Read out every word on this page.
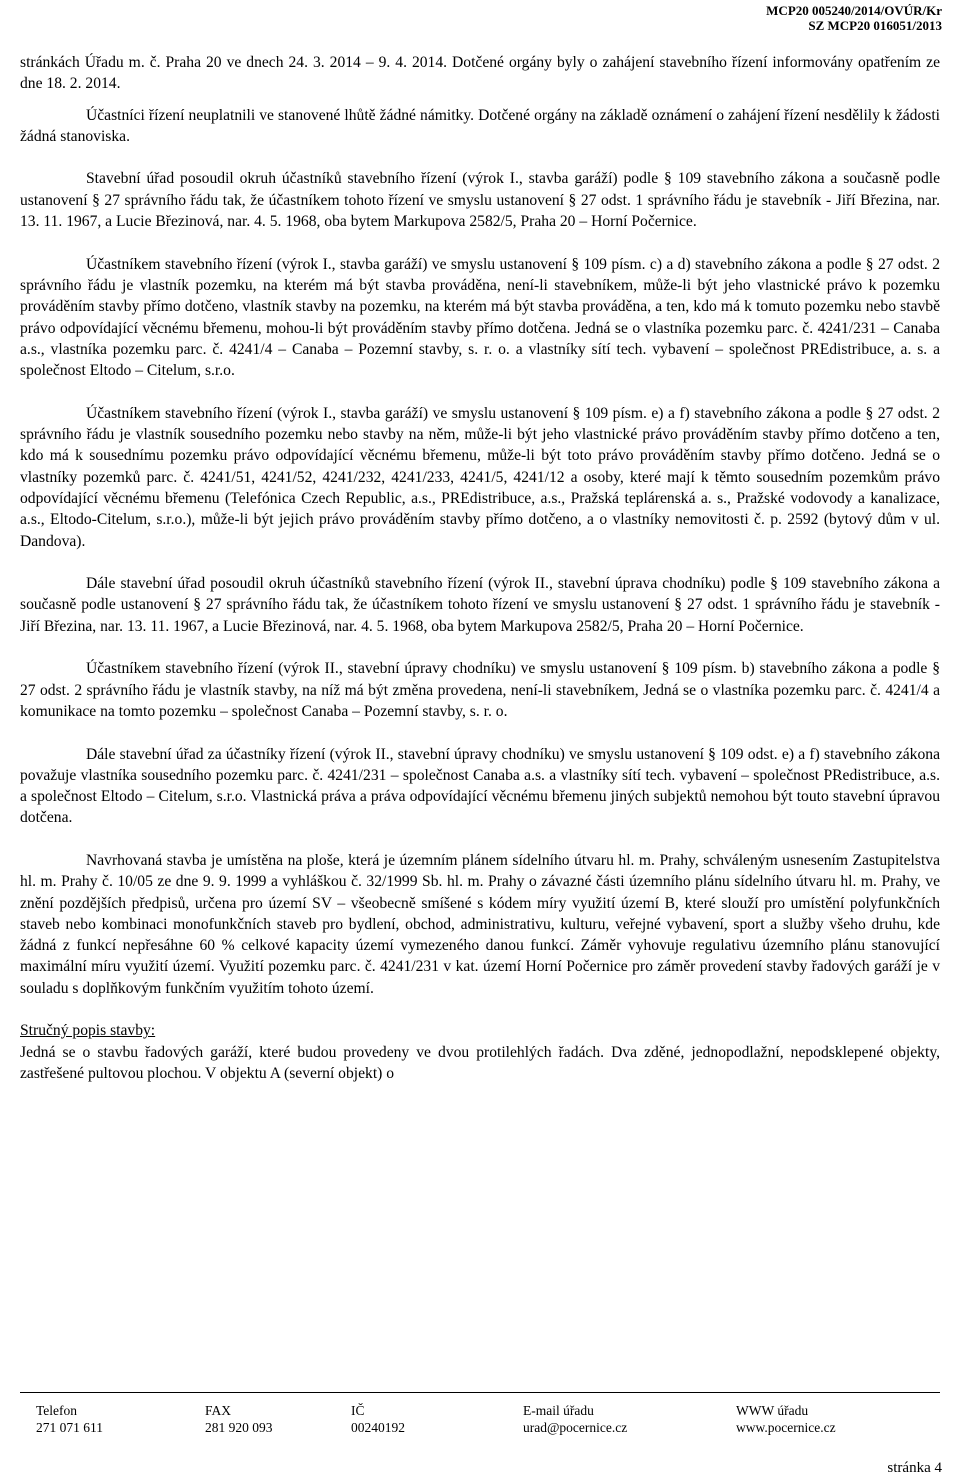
MCP20 005240/2014/OVÚR/Kr
SZ MCP20 016051/2013

stránkách Úřadu m. č. Praha 20 ve dnech 24. 3. 2014 – 9. 4. 2014. Dotčené orgány byly o zahájení stavebního řízení informovány opatřením ze dne 18. 2. 2014.

Účastníci řízení neuplatnili ve stanovené lhůtě žádné námitky. Dotčené orgány na základě oznámení o zahájení řízení nesdělily k žádosti žádná stanoviska.

Stavební úřad posoudil okruh účastníků stavebního řízení (výrok I., stavba garáží) podle § 109 stavebního zákona a současně podle ustanovení § 27 správního řádu tak, že účastníkem tohoto řízení ve smyslu ustanovení § 27 odst. 1 správního řádu je stavebník - Jiří Březina, nar. 13. 11. 1967, a Lucie Březinová, nar. 4. 5. 1968, oba bytem Markupova 2582/5, Praha 20 – Horní Počernice.

Účastníkem stavebního řízení (výrok I., stavba garáží) ve smyslu ustanovení § 109 písm. c) a d) stavebního zákona a podle § 27 odst. 2 správního řádu je vlastník pozemku, na kterém má být stavba prováděna, není-li stavebníkem, může-li být jeho vlastnické právo k pozemku prováděním stavby přímo dotčeno, vlastník stavby na pozemku, na kterém má být stavba prováděna, a ten, kdo má k tomuto pozemku nebo stavbě právo odpovídající věcnému břemenu, mohou-li být prováděním stavby přímo dotčena. Jedná se o vlastníka pozemku parc. č. 4241/231 – Canaba a.s., vlastníka pozemku parc. č. 4241/4 – Canaba – Pozemní stavby, s. r. o. a vlastníky sítí tech. vybavení – společnost PREdistribuce, a. s. a společnost Eltodo – Citelum, s.r.o.

Účastníkem stavebního řízení (výrok I., stavba garáží) ve smyslu ustanovení § 109 písm. e) a f) stavebního zákona a podle § 27 odst. 2 správního řádu je vlastník sousedního pozemku nebo stavby na něm, může-li být jeho vlastnické právo prováděním stavby přímo dotčeno a ten, kdo má k sousednímu pozemku právo odpovídající věcnému břemenu, může-li být toto právo prováděním stavby přímo dotčeno. Jedná se o vlastníky pozemků parc. č. 4241/51, 4241/52, 4241/232, 4241/233, 4241/5, 4241/12 a osoby, které mají k těmto sousedním pozemkům právo odpovídající věcnému břemenu (Telefónica Czech Republic, a.s., PREdistribuce, a.s., Pražská teplárenská a. s., Pražské vodovody a kanalizace, a.s., Eltodo-Citelum, s.r.o.), může-li být jejich právo prováděním stavby přímo dotčeno, a o vlastníky nemovitosti č. p. 2592 (bytový dům v ul. Dandova).

Dále stavební úřad posoudil okruh účastníků stavebního řízení (výrok II., stavební úprava chodníku) podle § 109 stavebního zákona a současně podle ustanovení § 27 správního řádu tak, že účastníkem tohoto řízení ve smyslu ustanovení § 27 odst. 1 správního řádu je stavebník - Jiří Březina, nar. 13. 11. 1967, a Lucie Březinová, nar. 4. 5. 1968, oba bytem Markupova 2582/5, Praha 20 – Horní Počernice.

Účastníkem stavebního řízení (výrok II., stavební úpravy chodníku) ve smyslu ustanovení § 109 písm. b) stavebního zákona a podle § 27 odst. 2 správního řádu je vlastník stavby, na níž má být změna provedena, není-li stavebníkem, Jedná se o vlastníka pozemku parc. č. 4241/4 a komunikace na tomto pozemku – společnost Canaba – Pozemní stavby, s. r. o.

Dále stavební úřad za účastníky řízení (výrok II., stavební úpravy chodníku) ve smyslu ustanovení § 109 odst. e) a f) stavebního zákona považuje vlastníka sousedního pozemku parc. č. 4241/231 – společnost Canaba a.s. a vlastníky sítí tech. vybavení – společnost PRedistribuce, a.s. a společnost Eltodo – Citelum, s.r.o. Vlastnická práva a práva odpovídající věcnému břemenu jiných subjektů nemohou být touto stavební úpravou dotčena.

Navrhovaná stavba je umístěna na ploše, která je územním plánem sídelního útvaru hl. m. Prahy, schváleným usnesením Zastupitelstva hl. m. Prahy č. 10/05 ze dne 9. 9. 1999 a vyhláškou č. 32/1999 Sb. hl. m. Prahy o závazné části územního plánu sídelního útvaru hl. m. Prahy, ve znění pozdějších předpisů, určena pro území SV – všeobecně smíšené s kódem míry využití území B, které slouží pro umístění polyfunkčních staveb nebo kombinaci monofunkčních staveb pro bydlení, obchod, administrativu, kulturu, veřejné vybavení, sport a služby všeho druhu, kde žádná z funkcí nepřesáhne 60 % celkové kapacity území vymezeného danou funkcí. Záměr vyhovuje regulativu územního plánu stanovující maximální míru využití území. Využití pozemku parc. č. 4241/231 v kat. území Horní Počernice pro záměr provedení stavby řadových garáží je v souladu s doplňkovým funkčním využitím tohoto území.

Stručný popis stavby:

Jedná se o stavbu řadových garáží, které budou provedeny ve dvou protilehlých řadách. Dva zděné, jednopodlažní, nepodsklepené objekty, zastřešené pultovou plochou. V objektu A (severní objekt) o

Telefon
271 071 611
FAX
281 920 093
IČ
00240192
E-mail úřadu
urad@pocernice.cz
WWW úřadu
www.pocernice.cz
stránka 4
